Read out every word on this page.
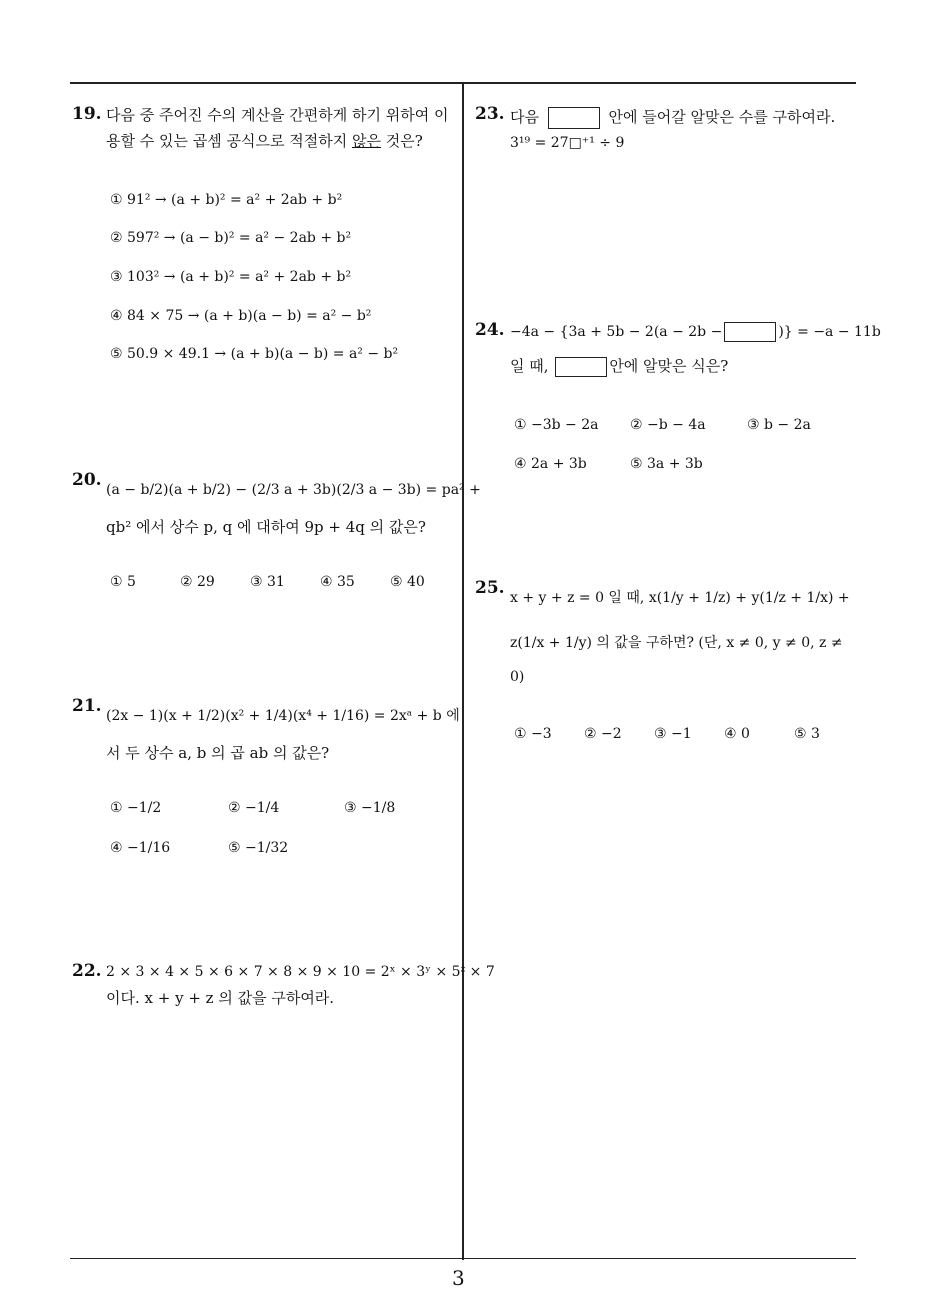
19. 다음 중 주어진 수의 계산을 간편하게 하기 위하여 이
용할 수 있는 곱셈 공식으로 적절하지 않은 것은?
① 91² → (a + b)² = a² + 2ab + b²
② 597² → (a − b)² = a² − 2ab + b²
③ 103² → (a + b)² = a² + 2ab + b²
④ 84 × 75 → (a + b)(a − b) = a² − b²
⑤ 50.9 × 49.1 → (a + b)(a − b) = a² − b²
20. (a − b/2)(a + b/2) − (2/3 a + 3b)(2/3 a − 3b) = pa² +
qb² 에서 상수 p, q 에 대하여 9p + 4q 의 값은?
① 5	② 29	③ 31	④ 35	⑤ 40
21. (2x − 1)(x + 1/2)(x² + 1/4)(x⁴ + 1/16) = 2xᵃ + b 에
서 두 상수 a, b 의 곱 ab 의 값은?
① −1/2	② −1/4	③ −1/8
④ −1/16	⑤ −1/32
22. 2 × 3 × 4 × 5 × 6 × 7 × 8 × 9 × 10 = 2ˣ × 3ʸ × 5ᶻ × 7
이다. x + y + z 의 값을 구하여라.
23. 다음	안에 들어갈 알맞은 수를 구하여라.
3¹⁹ = 27□⁺¹ ÷ 9
24. −4a − {3a + 5b − 2(a − 2b −	)} = −a − 11b
일 때,	안에 알맞은 식은?
① −3b − 2a ② −b − 4a	③ b − 2a
④ 2a + 3b	⑤ 3a + 3b
25. x + y + z = 0 일 때, x(1/y + 1/z) + y(1/z + 1/x) +
z(1/x + 1/y) 의 값을 구하면? (단, x ≠ 0, y ≠ 0, z ≠
0)
① −3 ② −2 ③ −1 ④ 0	⑤ 3
3
